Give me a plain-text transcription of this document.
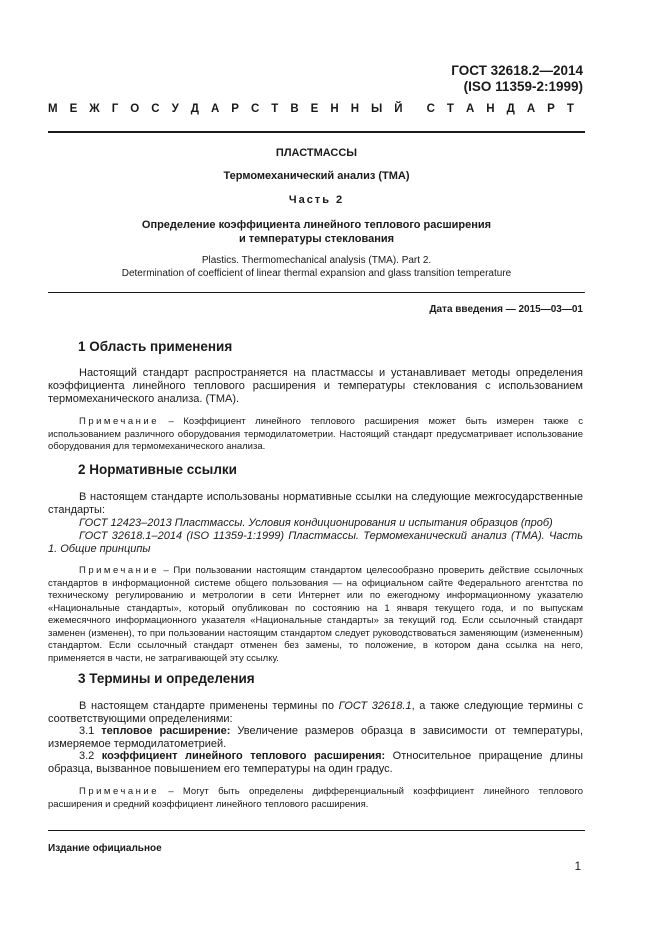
ГОСТ 32618.2—2014
(ISO 11359-2:1999)
М Е Ж Г О С У Д А Р С Т В Е Н Н Ы Й С Т А Н Д А Р Т
ПЛАСТМАССЫ
Термомеханический анализ (ТМА)
Часть 2
Определение коэффициента линейного теплового расширения
и температуры стеклования
Plastics. Thermomechanical analysis (TMA). Part 2.
Determination of coefficient of linear thermal expansion and glass transition temperature
Дата введения — 2015—03—01
1 Область применения
Настоящий стандарт распространяется на пластмассы и устанавливает методы определения коэффициента линейного теплового расширения и температуры стеклования с использованием термомеханического анализа. (ТМА).
Примечание – Коэффициент линейного теплового расширения может быть измерен также с использованием различного оборудования термодилатометрии. Настоящий стандарт предусматривает использование оборудования для термомеханического анализа.
2 Нормативные ссылки
В настоящем стандарте использованы нормативные ссылки на следующие межгосударственные стандарты:
ГОСТ 12423–2013 Пластмассы. Условия кондиционирования и испытания образцов (проб)
ГОСТ 32618.1–2014 (ISO 11359-1:1999) Пластмассы. Термомеханический анализ (ТМА). Часть 1. Общие принципы
Примечание – При пользовании настоящим стандартом целесообразно проверить действие ссылочных стандартов в информационной системе общего пользования — на официальном сайте Федерального агентства по техническому регулированию и метрологии в сети Интернет или по ежегодному информационному указателю «Национальные стандарты», который опубликован по состоянию на 1 января текущего года, и по выпускам ежемесячного информационного указателя «Национальные стандарты» за текущий год. Если ссылочный стандарт заменен (изменен), то при пользовании настоящим стандартом следует руководствоваться заменяющим (измененным) стандартом. Если ссылочный стандарт отменен без замены, то положение, в котором дана ссылка на него, применяется в части, не затрагивающей эту ссылку.
3 Термины и определения
В настоящем стандарте применены термины по ГОСТ 32618.1, а также следующие термины с соответствующими определениями:
3.1 тепловое расширение: Увеличение размеров образца в зависимости от температуры, измеряемое термодилатометрией.
3.2 коэффициент линейного теплового расширения: Относительное приращение длины образца, вызванное повышением его температуры на один градус.
Примечание – Могут быть определены дифференциальный коэффициент линейного теплового расширения и средний коэффициент линейного теплового расширения.
Издание официальное
1
